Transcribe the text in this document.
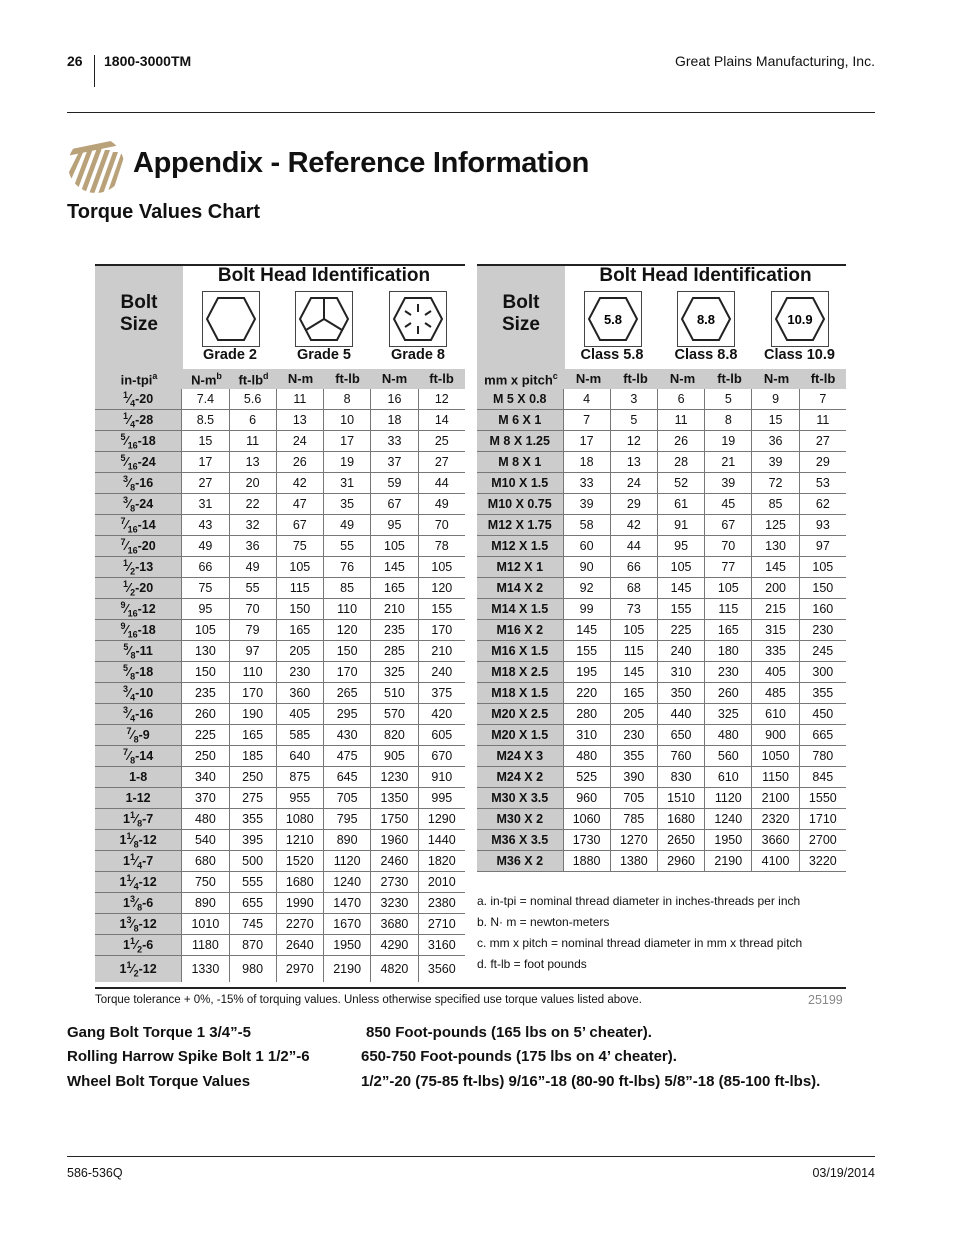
26 1800-3000TM	Great Plains Manufacturing, Inc.
Appendix - Reference Information
Torque Values Chart
Bolt Head Identification
Bolt
Size
Grade 2	Grade 5	Grade 8
in-tpi$^a$	$N-m^b$	$ft-lb^d$	N-m	ft-lb	N-m	ft-lb
$^1⁄_4-20$	7.4	5.6	11	8	16	12
$^1⁄_4-28$	8.5	6	13	10	18	14
$^5⁄_{16}-18$	15	11	24	17	33	25
$^5⁄_{16}-24$	17	13	26	19	37	27
$^3⁄_8-16$	27	20	42	31	59	44
$^3⁄_8-24$	31	22	47	35	67	49
$^7⁄_{16}-14$	43	32	67	49	95	70
$^7⁄_{16}-20$	49	36	75	55	105	78
$^1⁄_2-13$	66	49	105	76	145	105
$^1⁄_2-20$	75	55	115	85	165	120
$^9⁄_{16}-12$	95	70	150	110	210	155
$^9⁄_{16}-18$	105	79	165	120	235	170
$^5⁄_8-11$	130	97	205	150	285	210
$^5⁄_8-18$	150	110	230	170	325	240
$^3⁄_4-10$	235	170	360	265	510	375
$^3⁄_4-16$	260	190	405	295	570	420
$^7⁄_8-9$	225	165	585	430	820	605
$^7⁄_8-14$	250	185	640	475	905	670
1-8	340	250	875	645	1230	910
1-12	370	275	955	705	1350	995
$1^1⁄_8-7$	480	355	1080	795	1750	1290
$1^1⁄_8-12$	540	395	1210	890	1960	1440
$1^1⁄_4-7$	680	500	1520	1120	2460	1820
$1^1⁄_4-12$	750	555	1680	1240	2730	2010
$1^3⁄_8-6$	890	655	1990	1470	3230	2380
$1^3⁄_8-12$	1010	745	2270	1670	3680	2710
$1^1⁄_2-6$	1180	870	2640	1950	4290	3160
$1^1⁄_2-12$	1330	980	2970	2190	4820	3560
Bolt Head Identification
Bolt
Size	5.8	8.8	10.9
Class 5.8	Class 8.8	Class 10.9
mm x pitch$^c$	N-m	ft-lb	N-m	ft-lb	N-m	ft-lb
M 5 X 0.8	4	3	6	5	9	7
M 6 X 1	7	5	11	8	15	11
M 8 X 1.25	17	12	26	19	36	27
M 8 X 1	18	13	28	21	39	29
M10 X 1.5	33	24	52	39	72	53
M10 X 0.75	39	29	61	45	85	62
M12 X 1.75	58	42	91	67	125	93
M12 X 1.5	60	44	95	70	130	97
M12 X 1	90	66	105	77	145	105
M14 X 2	92	68	145	105	200	150
M14 X 1.5	99	73	155	115	215	160
M16 X 2	145	105	225	165	315	230
M16 X 1.5	155	115	240	180	335	245
M18 X 2.5	195	145	310	230	405	300
M18 X 1.5	220	165	350	260	485	355
M20 X 2.5	280	205	440	325	610	450
M20 X 1.5	310	230	650	480	900	665
M24 X 3	480	355	760	560	1050	780
M24 X 2	525	390	830	610	1150	845
M30 X 3.5	960	705	1510	1120	2100	1550
M30 X 2	1060	785	1680	1240	2320	1710
M36 X 3.5	1730	1270	2650	1950	3660	2700
M36 X 2	1880	1380	2960	2190	4100	3220
a. in-tpi = nominal thread diameter in inches-threads per inch
b. N· m = newton-meters
c. mm x pitch = nominal thread diameter in mm x thread pitch
d. ft-lb = foot pounds
Torque tolerance + 0%, -15% of torquing values. Unless otherwise specified use torque values listed above.	25199
Gang Bolt Torque 1 3/4”-5	850 Foot-pounds (165 lbs on 5’ cheater).
Rolling Harrow Spike Bolt 1 1/2”-6	650-750 Foot-pounds (175 lbs on 4’ cheater).
Wheel Bolt Torque Values	1/2”-20 (75-85 ft-lbs) 9/16”-18 (80-90 ft-lbs) 5/8”-18 (85-100 ft-lbs).
586-536Q	03/19/2014
